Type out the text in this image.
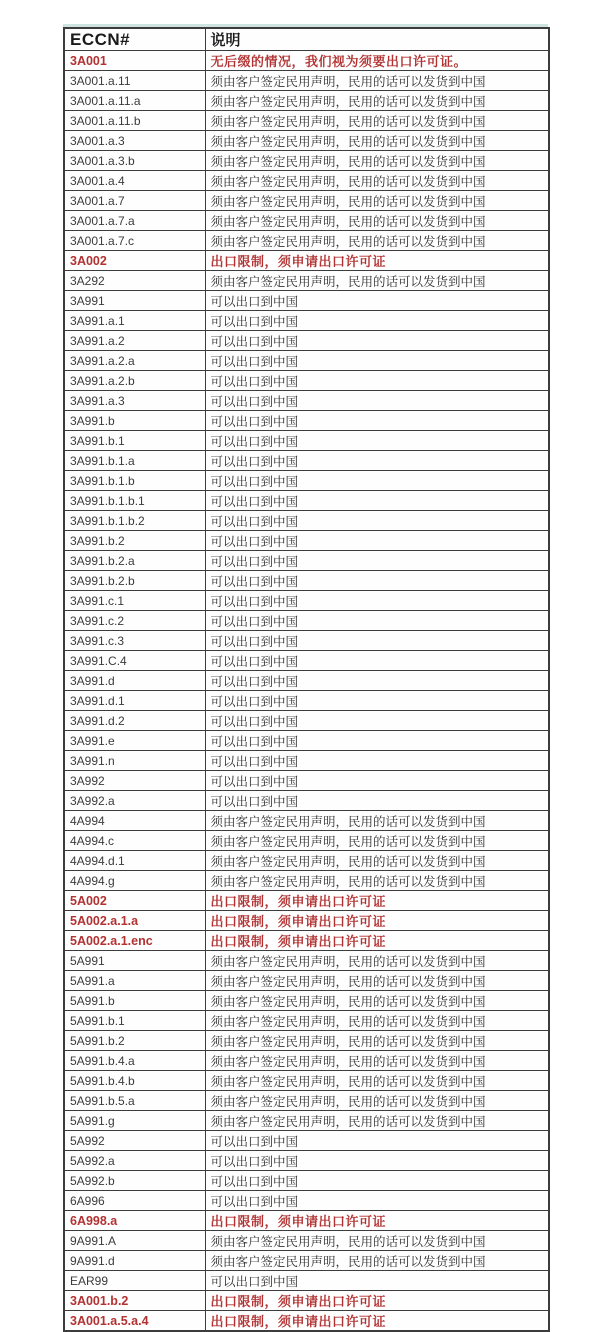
ECCN#	说明
3A001	无后缀的情况，我们视为须要出口许可证。
3A001.a.11	须由客户签定民用声明，民用的话可以发货到中国
3A001.a.11.a	须由客户签定民用声明，民用的话可以发货到中国
3A001.a.11.b	须由客户签定民用声明，民用的话可以发货到中国
3A001.a.3	须由客户签定民用声明，民用的话可以发货到中国
3A001.a.3.b	须由客户签定民用声明，民用的话可以发货到中国
3A001.a.4	须由客户签定民用声明，民用的话可以发货到中国
3A001.a.7	须由客户签定民用声明，民用的话可以发货到中国
3A001.a.7.a	须由客户签定民用声明，民用的话可以发货到中国
3A001.a.7.c	须由客户签定民用声明，民用的话可以发货到中国
3A002	出口限制，须申请出口许可证
3A292	须由客户签定民用声明，民用的话可以发货到中国
3A991	可以出口到中国
3A991.a.1	可以出口到中国
3A991.a.2	可以出口到中国
3A991.a.2.a	可以出口到中国
3A991.a.2.b	可以出口到中国
3A991.a.3	可以出口到中国
3A991.b	可以出口到中国
3A991.b.1	可以出口到中国
3A991.b.1.a	可以出口到中国
3A991.b.1.b	可以出口到中国
3A991.b.1.b.1	可以出口到中国
3A991.b.1.b.2	可以出口到中国
3A991.b.2	可以出口到中国
3A991.b.2.a	可以出口到中国
3A991.b.2.b	可以出口到中国
3A991.c.1	可以出口到中国
3A991.c.2	可以出口到中国
3A991.c.3	可以出口到中国
3A991.C.4	可以出口到中国
3A991.d	可以出口到中国
3A991.d.1	可以出口到中国
3A991.d.2	可以出口到中国
3A991.e	可以出口到中国
3A991.n	可以出口到中国
3A992	可以出口到中国
3A992.a	可以出口到中国
4A994	须由客户签定民用声明，民用的话可以发货到中国
4A994.c	须由客户签定民用声明，民用的话可以发货到中国
4A994.d.1	须由客户签定民用声明，民用的话可以发货到中国
4A994.g	须由客户签定民用声明，民用的话可以发货到中国
5A002	出口限制，须申请出口许可证
5A002.a.1.a	出口限制，须申请出口许可证
5A002.a.1.enc	出口限制，须申请出口许可证
5A991	须由客户签定民用声明，民用的话可以发货到中国
5A991.a	须由客户签定民用声明，民用的话可以发货到中国
5A991.b	须由客户签定民用声明，民用的话可以发货到中国
5A991.b.1	须由客户签定民用声明，民用的话可以发货到中国
5A991.b.2	须由客户签定民用声明，民用的话可以发货到中国
5A991.b.4.a	须由客户签定民用声明，民用的话可以发货到中国
5A991.b.4.b	须由客户签定民用声明，民用的话可以发货到中国
5A991.b.5.a	须由客户签定民用声明，民用的话可以发货到中国
5A991.g	须由客户签定民用声明，民用的话可以发货到中国
5A992	可以出口到中国
5A992.a	可以出口到中国
5A992.b	可以出口到中国
6A996	可以出口到中国
6A998.a	出口限制，须申请出口许可证
9A991.A	须由客户签定民用声明，民用的话可以发货到中国
9A991.d	须由客户签定民用声明，民用的话可以发货到中国
EAR99	可以出口到中国
3A001.b.2	出口限制，须申请出口许可证
3A001.a.5.a.4	出口限制，须申请出口许可证
